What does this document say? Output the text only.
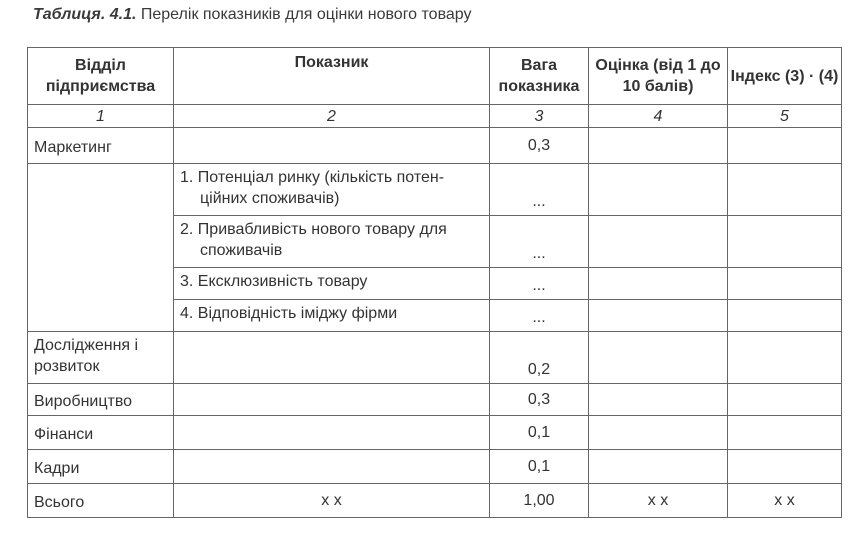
Таблиця. 4.1. Перелік показників для оцінки нового товару
Відділ підприємства	Показник	Вага показника	Оцінка (від 1 до 10 балів)	Індекс (3) · (4)
1	2	3	4	5
Маркетинг		0,3		

	1. Потенціал ринку (кількість потенційних споживачів)	...		

	2. Привабливість нового товару для споживачів	...		
	3. Ексклюзивність товару	...		
	4. Відповідність іміджу фірми	...		
Дослідження і розвиток		0,2		
Виробництво		0,3		
Фінанси		0,1		
Кадри		0,1		
Всього	х х	1,00	х х	х х
